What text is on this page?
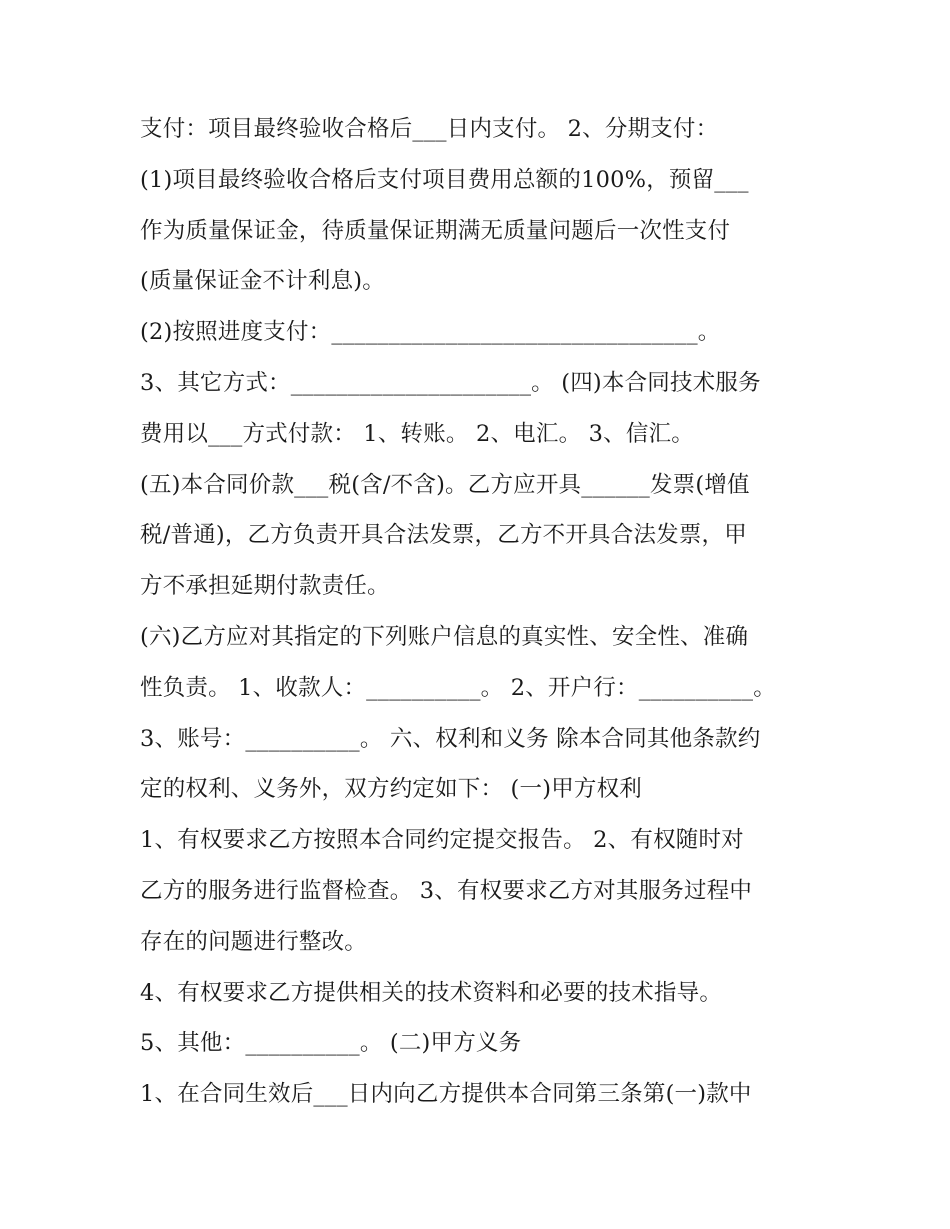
支付：项目最终验收合格后___日内支付。 2、分期支付：
(1)项目最终验收合格后支付项目费用总额的100%，预留___
作为质量保证金，待质量保证期满无质量问题后一次性支付
(质量保证金不计利息)。
(2)按照进度支付：________________________________。
3、其它方式：_____________________。 (四)本合同技术服务
费用以___方式付款： 1、转账。 2、电汇。 3、信汇。
(五)本合同价款___税(含/不含)。乙方应开具______发票(增值
税/普通)，乙方负责开具合法发票，乙方不开具合法发票，甲
方不承担延期付款责任。
(六)乙方应对其指定的下列账户信息的真实性、安全性、准确
性负责。 1、收款人：__________。 2、开户行：__________。
3、账号：__________。 六、权利和义务 除本合同其他条款约
定的权利、义务外，双方约定如下： (一)甲方权利
1、有权要求乙方按照本合同约定提交报告。 2、有权随时对
乙方的服务进行监督检查。 3、有权要求乙方对其服务过程中
存在的问题进行整改。
4、有权要求乙方提供相关的技术资料和必要的技术指导。
5、其他：__________。 (二)甲方义务
1、在合同生效后___日内向乙方提供本合同第三条第(一)款中
